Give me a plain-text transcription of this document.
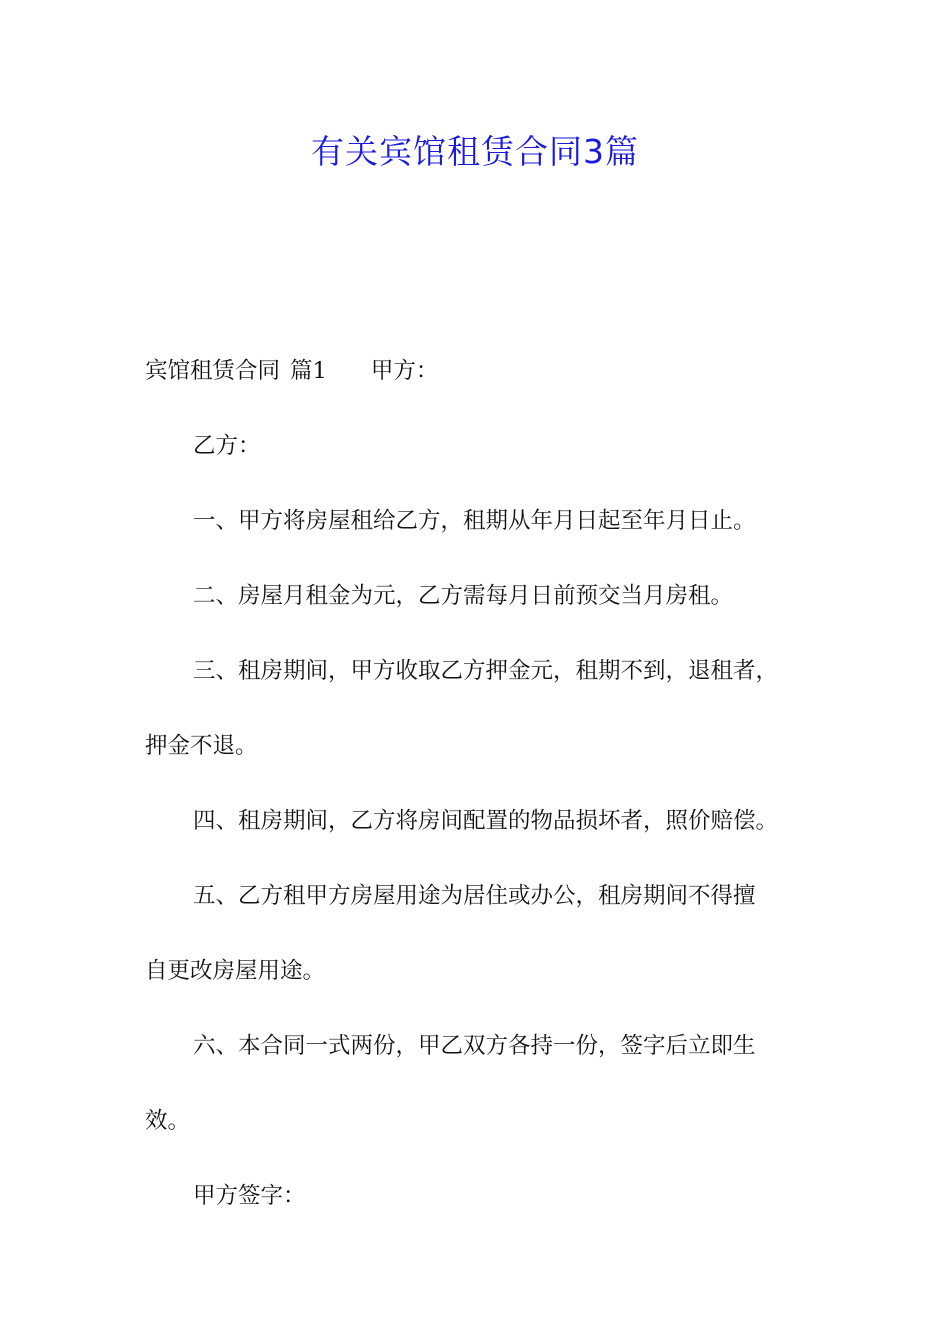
有关宾馆租赁合同3篇
宾馆租赁合同 篇1 甲方：
乙方：
一、甲方将房屋租给乙方，租期从年月日起至年月日止。
二、房屋月租金为元，乙方需每月日前预交当月房租。
三、租房期间，甲方收取乙方押金元，租期不到，退租者，
押金不退。
四、租房期间，乙方将房间配置的物品损坏者，照价赔偿。
五、乙方租甲方房屋用途为居住或办公，租房期间不得擅
自更改房屋用途。
六、本合同一式两份，甲乙双方各持一份，签字后立即生
效。
甲方签字：
